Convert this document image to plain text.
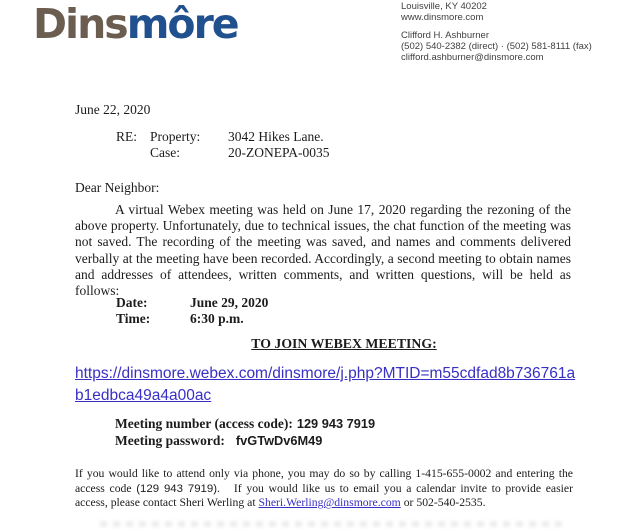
Dinsmôre	Louisville, KY 40202
www.dinsmore.com
Clifford H. Ashburner
(502) 540-2382 (direct) · (502) 581-8111 (fax)
clifford.ashburner@dinsmore.com
June 22, 2020
RE: Property:	3042 Hikes Lane.
Case:	20-ZONEPA-0035
Dear Neighbor:

A virtual Webex meeting was held on June 17, 2020 regarding the rezoning of the above property. Unfortunately, due to technical issues, the chat function of the meeting was not saved. The recording of the meeting was saved, and names and comments delivered verbally at the meeting have been recorded. Accordingly, a second meeting to obtain names and addresses of attendees, written comments, and written questions, will be held as follows:

Date:	June 29, 2020
Time:	6:30 p.m.
TO JOIN WEBEX MEETING:
https://dinsmore.webex.com/dinsmore/j.php?MTID=m55cdfad8b736761ab1edbca49a4a00ac
Meeting number (access code): 129 943 7919
Meeting password: fvGTwDv6M49

If you would like to attend only via phone, you may do so by calling 1-415-655-0002 and entering the access code (129 943 7919).   If you would like us to email you a calendar invite to provide easier access, please contact Sheri Werling at Sheri.Werling@dinsmore.com or 502-540-2535.
